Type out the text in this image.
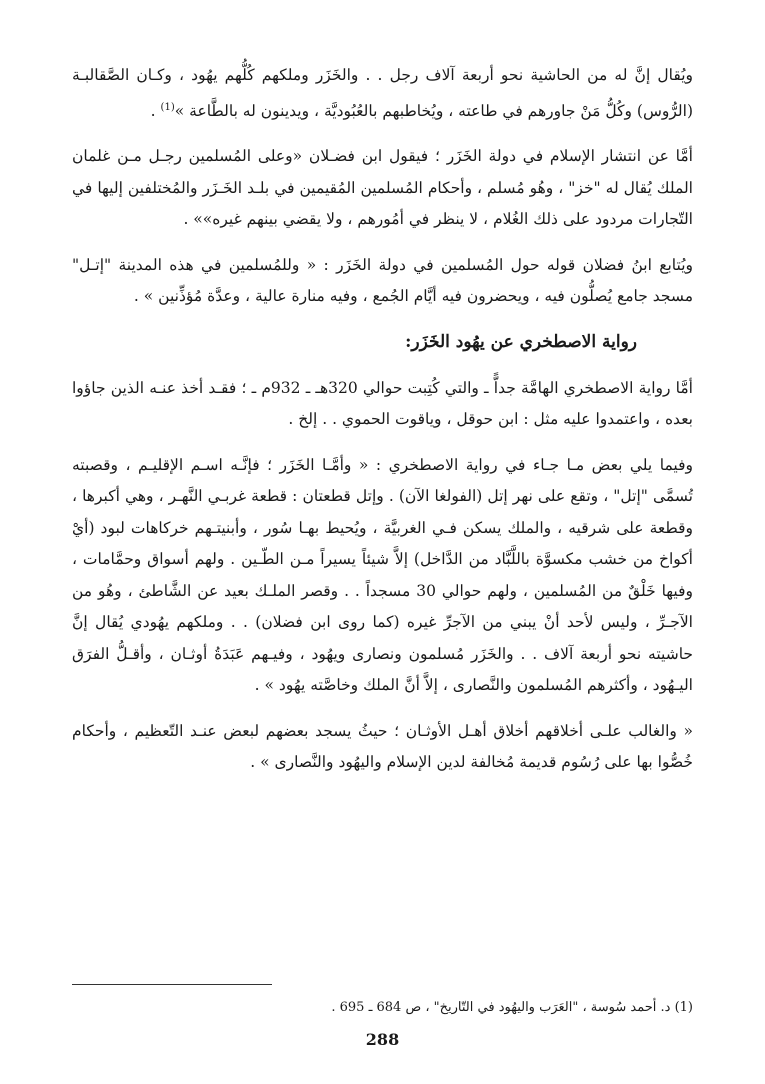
ويُقال إنَّ له من الحاشية نحو أربعة آلاف رجل . . والخَزَر وملكهم كُلُّهم يهُود ، وكـان الصَّقالبـة (الرُّوس) وكُلُّ مَنْ جاورهم في طاعته ، ويُخاطبهم بالعُبُوديَّة ، ويدينون له بالطَّاعة »$^{(1)}$ .

أمَّا عن انتشار الإسلام في دولة الخَزَر ؛ فيقول ابن فضـلان «وعلى المُسلمين رجـل مـن غلمان الملك يُقال له "خز" ، وهُو مُسلم ، وأحكام المُسلمين المُقيمين في بلـد الخَـزَر والمُختلفين إليها في التّجارات مردود على ذلك الغُلام ، لا ينظر في أمُورهم ، ولا يقضي بينهم غيره»» .

ويُتابع ابنُ فضلان قوله حول المُسلمين في دولة الخَزَر : « وللمُسلمين في هذه المدينة "إتـل" مسجد جامع يُصلُّون فيه ، ويحضرون فيه أيَّام الجُمع ، وفيه منارة عالية ، وعدَّة مُؤذِّنين » .

رواية الاصطخري عن يهُود الخَزَر:

أمَّا رواية الاصطخري الهامَّة جداًّ ـ والتي كُتِبت حوالي 320هـ ـ 932م ـ ؛ فقـد أخذ عنـه الذين جاؤوا بعده ، واعتمدوا عليه مثل : ابن حوقل ، وياقوت الحموي . . إلخ .

وفيما يلي بعض مـا جـاء في رواية الاصطخري : « وأمَّـا الخَزَر ؛ فإنَّـه اسـم الإقليـم ، وقصبته تُسمَّى "إتل" ، وتقع على نهر إتل (الفولغا الآن) . وإتل قطعتان : قطعة غربـي النَّهـر ، وهي أكبرها ، وقطعة على شرقيه ، والملك يسكن فـي الغربيَّة ، ويُحيط بهـا سُور ، وأبنيتـهم خركاهات لبود (أيْ أكواخ من خشب مكسوَّة باللَّبَّاد من الدَّاخل) إلاَّ شيئاً يسيراً مـن الطّـين . ولهم أسواق وحمَّامات ، وفيها خَلْقٌ من المُسلمين ، ولهم حوالي 30 مسجداً . . وقصر الملـك بعيد عن الشَّاطئ ، وهُو من الآجـرِّ ، وليس لأحد أنْ يبني من الآجرِّ غيره (كما روى ابن فضلان) . . وملكهم يهُودي يُقال إنَّ حاشيته نحو أربعة آلاف . . والخَزَر مُسلمون ونصارى ويهُود ، وفيـهم عَبَدَةُ أوثـان ، وأقـلُّ الفرَق اليـهُود ، وأكثرهم المُسلمون والنَّصارى ، إلاَّ أنَّ الملك وخاصَّته يهُود » .

« والغالب علـى أخلاقهم أخلاق أهـل الأوثـان ؛ حيثُ يسجد بعضهم لبعض عنـد التّعظيم ، وأحكام خُصُّوا بها على رُسُوم قديمة مُخالفة لدين الإسلام واليهُود والنَّصارى » .

(1) د. أحمد سُوسة ، "العَرَب واليهُود في التّاريخ" ، ص 684 ـ 695 .
288
